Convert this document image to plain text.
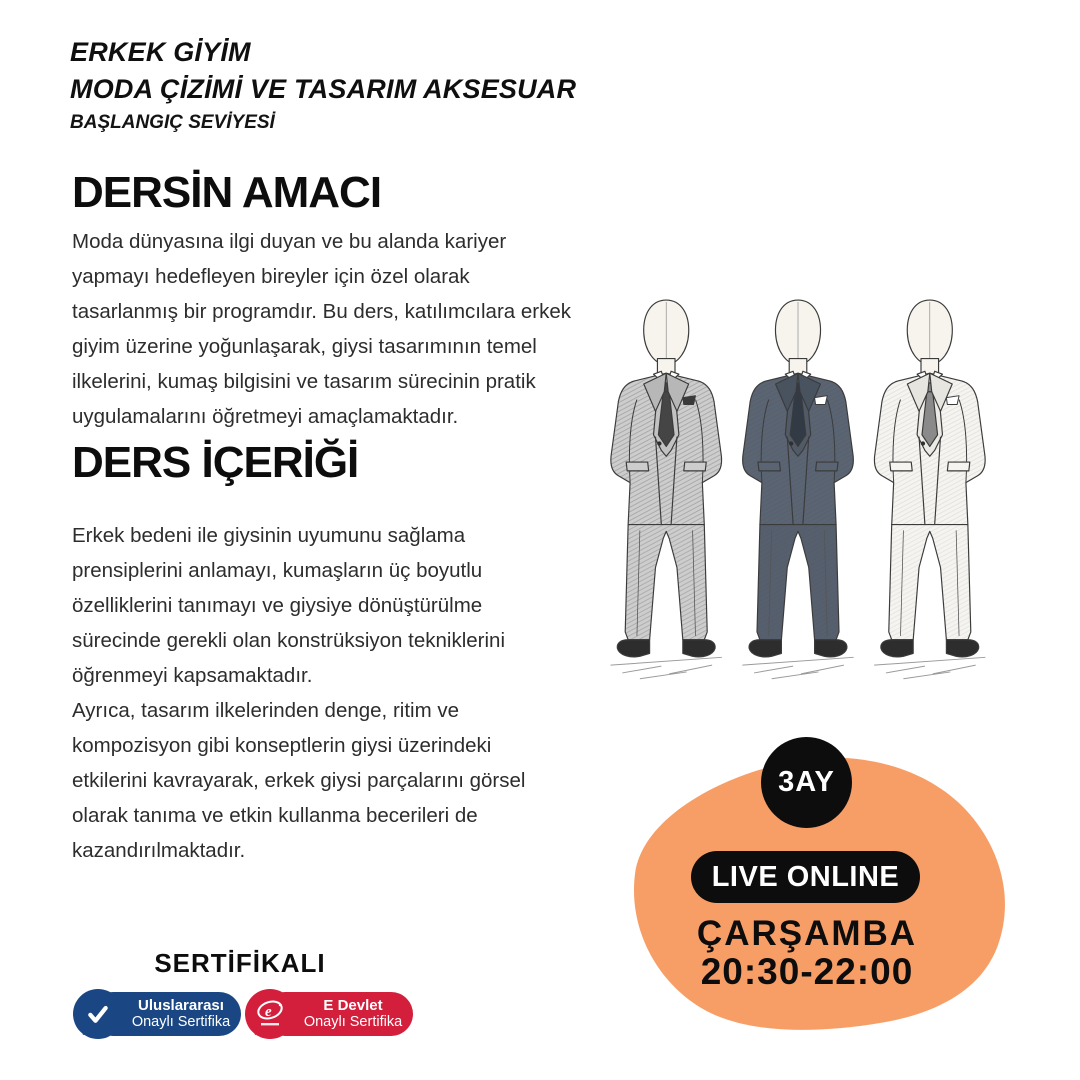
ERKEK GİYİM
MODA ÇİZİMİ VE TASARIM AKSESUAR
BAŞLANGIÇ SEVİYESİ
DERSİN AMACI

Moda dünyasına ilgi duyan ve bu alanda kariyer yapmayı hedefleyen bireyler için özel olarak tasarlanmış bir programdır. Bu ders, katılımcılara erkek giyim üzerine yoğunlaşarak, giysi tasarımının temel ilkelerini, kumaş bilgisini ve tasarım sürecinin pratik uygulamalarını öğretmeyi amaçlamaktadır.

DERS İÇERİĞİ

Erkek bedeni ile giysinin uyumunu sağlama prensiplerini anlamayı, kumaşların üç boyutlu özelliklerini tanımayı ve giysiye dönüştürülme sürecinde gerekli olan konstrüksiyon tekniklerini öğrenmeyi kapsamaktadır.

Ayrıca, tasarım ilkelerinden denge, ritim ve kompozisyon gibi konseptlerin giysi üzerindeki etkilerini kavrayarak, erkek giysi parçalarını görsel olarak tanıma ve etkin kullanma becerileri de kazandırılmaktadır.

3AY
LIVE ONLINE
ÇARŞAMBA
20:30-22:00
SERTİFİKALI
Uluslararası
Onaylı Sertifika
e	E Devlet
Onaylı Sertifika
